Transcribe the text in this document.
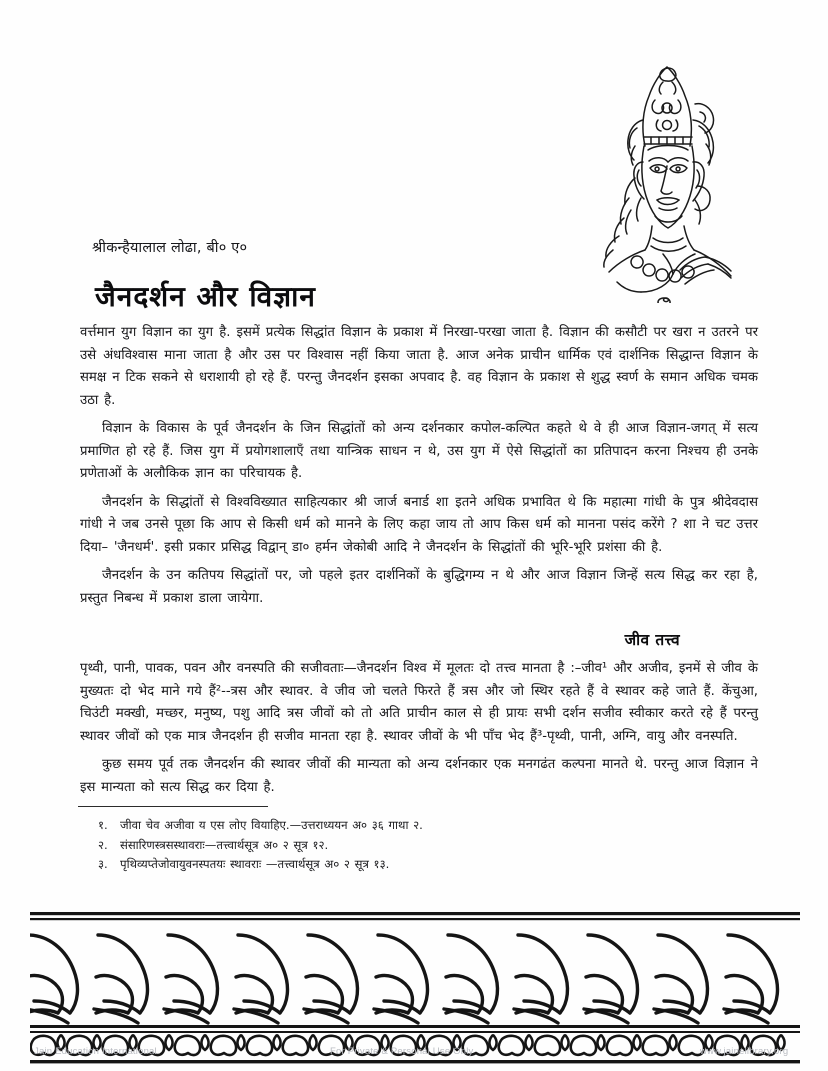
श्रीकन्हैयालाल लोढा, बी० ए०
जैनदर्शन और विज्ञान

वर्त्तमान युग विज्ञान का युग है. इसमें प्रत्येक सिद्धांत विज्ञान के प्रकाश में निरखा-परखा जाता है. विज्ञान की कसौटी पर खरा न उतरने पर उसे अंधविश्वास माना जाता है और उस पर विश्वास नहीं किया जाता है. आज अनेक प्राचीन धार्मिक एवं दार्शनिक सिद्धान्त विज्ञान के समक्ष न टिक सकने से धराशायी हो रहे हैं. परन्तु जैनदर्शन इसका अपवाद है. वह विज्ञान के प्रकाश से शुद्ध स्वर्ण के समान अधिक चमक उठा है.

विज्ञान के विकास के पूर्व जैनदर्शन के जिन सिद्धांतों को अन्य दर्शनकार कपोल-कल्पित कहते थे वे ही आज विज्ञान-जगत् में सत्य प्रमाणित हो रहे हैं. जिस युग में प्रयोगशालाएँ तथा यान्त्रिक साधन न थे, उस युग में ऐसे सिद्धांतों का प्रतिपादन करना निश्चय ही उनके प्रणेताओं के अलौकिक ज्ञान का परिचायक है.

जैनदर्शन के सिद्धांतों से विश्वविख्यात साहित्यकार श्री जार्ज बनार्ड शा इतने अधिक प्रभावित थे कि महात्मा गांधी के पुत्र श्रीदेवदास गांधी ने जब उनसे पूछा कि आप से किसी धर्म को मानने के लिए कहा जाय तो आप किस धर्म को मानना पसंद करेंगे ? शा ने चट उत्तर दिया– 'जैनधर्म'. इसी प्रकार प्रसिद्ध विद्वान् डा० हर्मन जेकोबी आदि ने जैनदर्शन के सिद्धांतों की भूरि-भूरि प्रशंसा की है.

जैनदर्शन के उन कतिपय सिद्धांतों पर, जो पहले इतर दार्शनिकों के बुद्धिगम्य न थे और आज विज्ञान जिन्हें सत्य सिद्ध कर रहा है, प्रस्तुत निबन्ध में प्रकाश डाला जायेगा.

जीव तत्त्व

पृथ्वी, पानी, पावक, पवन और वनस्पति की सजीवताः—जैनदर्शन विश्व में मूलतः दो तत्त्व मानता है :–जीव¹ और अजीव, इनमें से जीव के मुख्यतः दो भेद माने गये हैं²--त्रस और स्थावर. वे जीव जो चलते फिरते हैं त्रस और जो स्थिर रहते हैं वे स्थावर कहे जाते हैं. केंचुआ, चिउंटी मक्खी, मच्छर, मनुष्य, पशु आदि त्रस जीवों को तो अति प्राचीन काल से ही प्रायः सभी दर्शन सजीव स्वीकार करते रहे हैं परन्तु स्थावर जीवों को एक मात्र जैनदर्शन ही सजीव मानता रहा है. स्थावर जीवों के भी पाँच भेद हैं³-पृथ्वी, पानी, अग्नि, वायु और वनस्पति.

कुछ समय पूर्व तक जैनदर्शन की स्थावर जीवों की मान्यता को अन्य दर्शनकार एक मनगढंत कल्पना मानते थे. परन्तु आज विज्ञान ने इस मान्यता को सत्य सिद्ध कर दिया है.

१.	जीवा चेव अजीवा य एस लोए वियाहिए.—उत्तराध्ययन अ० ३६ गाथा २.
२.	संसारिणस्त्रसस्थावराः—तत्त्वार्थसूत्र अ० २ सूत्र १२.
३.	पृथिव्यप्तेजोवायुवनस्पतयः स्थावराः —तत्त्वार्थसूत्र अ० २ सूत्र १३.
Jain Education International	For Private & Personal Use Only	www.jainelibrary.org
